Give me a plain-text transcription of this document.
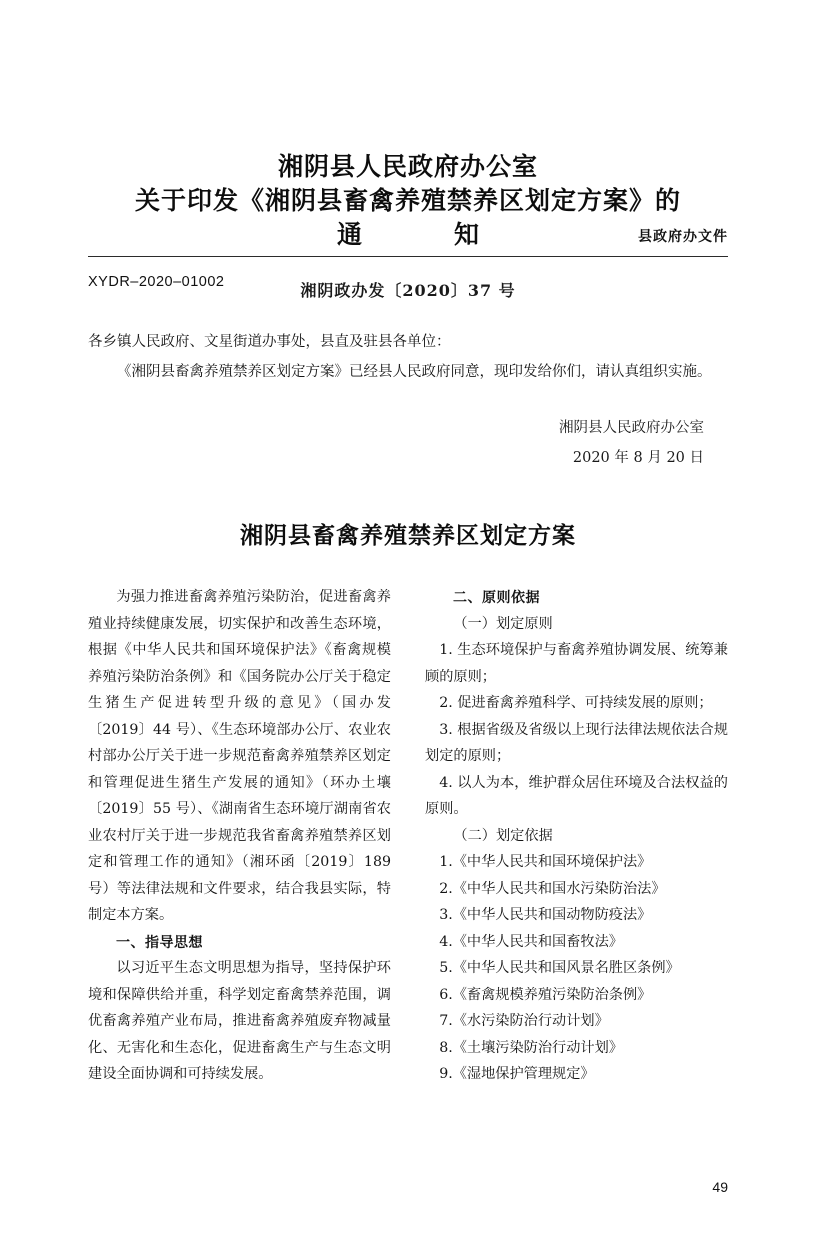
县政府办文件
XYDR–2020–01002
湘阴县人民政府办公室
关于印发《湘阴县畜禽养殖禁养区划定方案》的
通　　知
湘阴政办发〔2020〕37 号

各乡镇人民政府、文星街道办事处，县直及驻县各单位：

《湘阴县畜禽养殖禁养区划定方案》已经县人民政府同意，现印发给你们，请认真组织实施。

湘阴县人民政府办公室
2020 年 8 月 20 日
湘阴县畜禽养殖禁养区划定方案

为强力推进畜禽养殖污染防治，促进畜禽养殖业持续健康发展，切实保护和改善生态环境，根据《中华人民共和国环境保护法》《畜禽规模养殖污染防治条例》和《国务院办公厅关于稳定生猪生产促进转型升级的意见》（国办发〔2019〕44 号）、《生态环境部办公厅、农业农村部办公厅关于进一步规范畜禽养殖禁养区划定和管理促进生猪生产发展的通知》（环办土壤〔2019〕55 号）、《湖南省生态环境厅湖南省农业农村厅关于进一步规范我省畜禽养殖禁养区划定和管理工作的通知》（湘环函〔2019〕189 号）等法律法规和文件要求，结合我县实际，特制定本方案。

一、指导思想

以习近平生态文明思想为指导，坚持保护环境和保障供给并重，科学划定畜禽禁养范围，调优畜禽养殖产业布局，推进畜禽养殖废弃物减量化、无害化和生态化，促进畜禽生产与生态文明建设全面协调和可持续发展。

二、原则依据

（一）划定原则

1. 生态环境保护与畜禽养殖协调发展、统筹兼顾的原则；

2. 促进畜禽养殖科学、可持续发展的原则；

3. 根据省级及省级以上现行法律法规依法合规划定的原则；

4. 以人为本，维护群众居住环境及合法权益的原则。

（二）划定依据

1.《中华人民共和国环境保护法》

2.《中华人民共和国水污染防治法》

3.《中华人民共和国动物防疫法》

4.《中华人民共和国畜牧法》

5.《中华人民共和国风景名胜区条例》

6.《畜禽规模养殖污染防治条例》

7.《水污染防治行动计划》

8.《土壤污染防治行动计划》

9.《湿地保护管理规定》

49
